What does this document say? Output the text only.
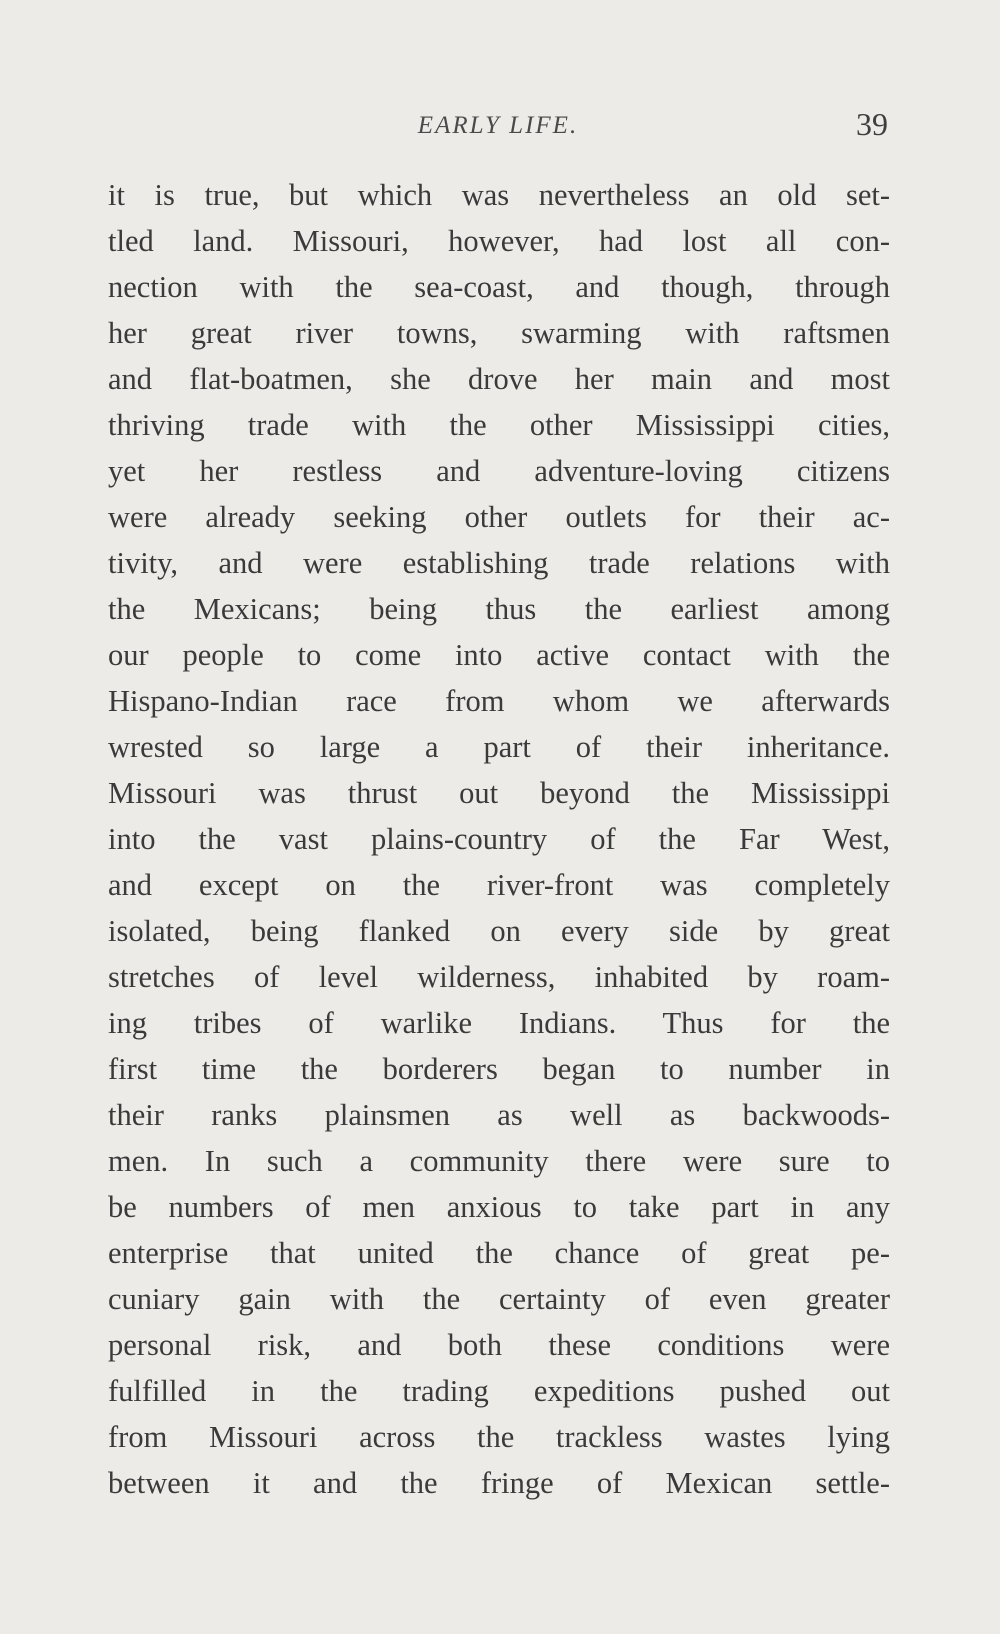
EARLY LIFE.	39
it is true, but which was nevertheless an old set-
tled land. Missouri, however, had lost all con-
nection with the sea-coast, and though, through
her great river towns, swarming with raftsmen
and flat-boatmen, she drove her main and most
thriving trade with the other Mississippi cities,
yet her restless and adventure-loving citizens
were already seeking other outlets for their ac-
tivity, and were establishing trade relations with
the Mexicans; being thus the earliest among
our people to come into active contact with the
Hispano-Indian race from whom we afterwards
wrested so large a part of their inheritance.
Missouri was thrust out beyond the Mississippi
into the vast plains-country of the Far West,
and except on the river-front was completely
isolated, being flanked on every side by great
stretches of level wilderness, inhabited by roam-
ing tribes of warlike Indians. Thus for the
first time the borderers began to number in
their ranks plainsmen as well as backwoods-
men. In such a community there were sure to
be numbers of men anxious to take part in any
enterprise that united the chance of great pe-
cuniary gain with the certainty of even greater
personal risk, and both these conditions were
fulfilled in the trading expeditions pushed out
from Missouri across the trackless wastes lying
between it and the fringe of Mexican settle-
